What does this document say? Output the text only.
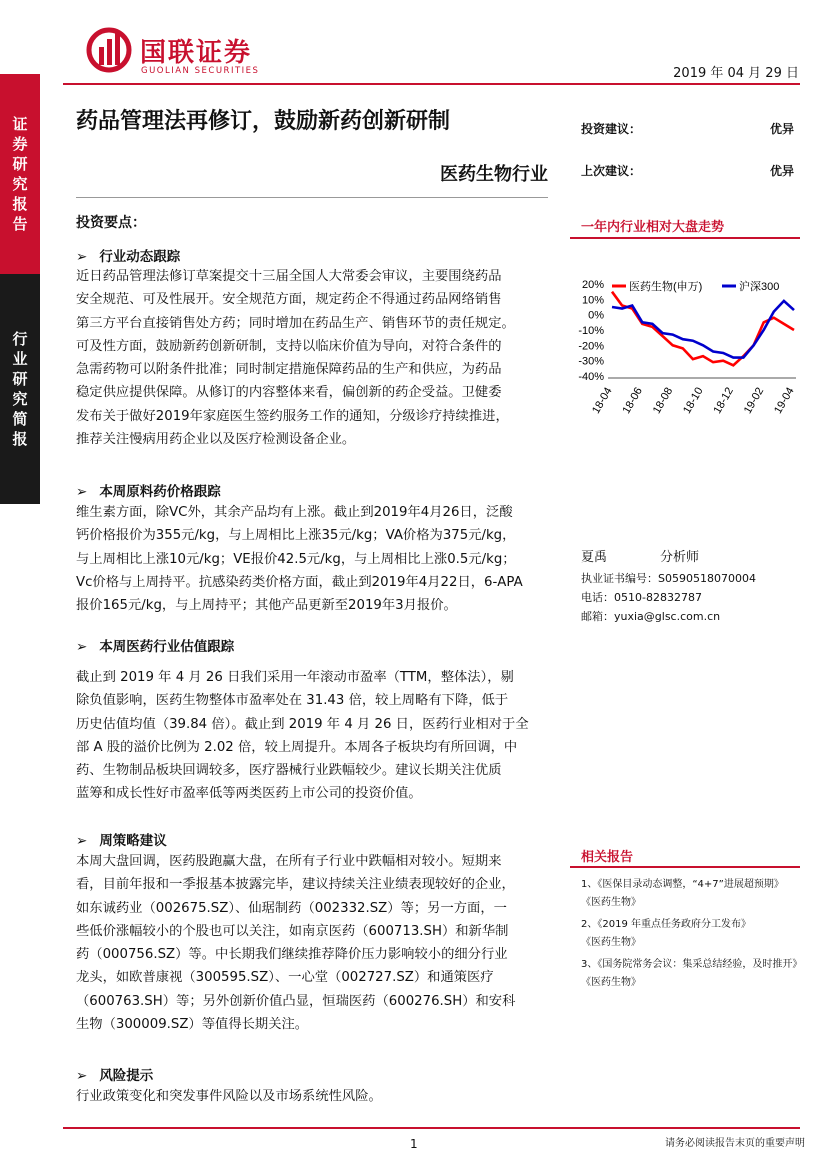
证
券
研
究
报
告
行
业
研
究
简
报
国联证券
GUOLIAN SECURITIES	2019 年 04 月 29 日
药品管理法再修订，鼓励新药创新研制
医药生物行业
投资建议：	优异
上次建议：	优异
一年内行业相对大盘走势
20%
10%
0%
-10%
-20%
-30%
-40%
医药生物(申万)	沪深300
18-04 18-06 18-08 18-10 18-12 19-02 19-04
投资要点：
➢ 行业动态跟踪
近日药品管理法修订草案提交十三届全国人大常委会审议，主要围绕药品
安全规范、可及性展开。安全规范方面，规定药企不得通过药品网络销售
第三方平台直接销售处方药；同时增加在药品生产、销售环节的责任规定。
可及性方面，鼓励新药创新研制，支持以临床价值为导向，对符合条件的
急需药物可以附条件批准；同时制定措施保障药品的生产和供应，为药品
稳定供应提供保障。从修订的内容整体来看，偏创新的药企受益。卫健委
发布关于做好2019年家庭医生签约服务工作的通知，分级诊疗持续推进，
推荐关注慢病用药企业以及医疗检测设备企业。
➢ 本周原料药价格跟踪
维生素方面，除VC外，其余产品均有上涨。截止到2019年4月26日，泛酸
钙价格报价为355元/kg，与上周相比上涨35元/kg；VA价格为375元/kg，
与上周相比上涨10元/kg；VE报价42.5元/kg，与上周相比上涨0.5元/kg；
Vc价格与上周持平。抗感染药类价格方面，截止到2019年4月22日，6-APA
报价165元/kg，与上周持平；其他产品更新至2019年3月报价。
➢ 本周医药行业估值跟踪
截止到 2019 年 4 月 26 日我们采用一年滚动市盈率（TTM，整体法），剔
除负值影响，医药生物整体市盈率处在 31.43 倍，较上周略有下降，低于
历史估值均值（39.84 倍）。截止到 2019 年 4 月 26 日，医药行业相对于全
部 A 股的溢价比例为 2.02 倍，较上周提升。本周各子板块均有所回调，中
药、生物制品板块回调较多，医疗器械行业跌幅较少。建议长期关注优质
蓝筹和成长性好市盈率低等两类医药上市公司的投资价值。
➢ 周策略建议
本周大盘回调，医药股跑赢大盘，在所有子行业中跌幅相对较小。短期来
看，目前年报和一季报基本披露完毕，建议持续关注业绩表现较好的企业，
如东诚药业（002675.SZ）、仙琚制药（002332.SZ）等；另一方面，一
些低价涨幅较小的个股也可以关注，如南京医药（600713.SH）和新华制
药（000756.SZ）等。中长期我们继续推荐降价压力影响较小的细分行业
龙头，如欧普康视（300595.SZ）、一心堂（002727.SZ）和通策医疗
（600763.SH）等；另外创新价值凸显，恒瑞医药（600276.SH）和安科
生物（300009.SZ）等值得长期关注。
➢ 风险提示
行业政策变化和突发事件风险以及市场系统性风险。
夏禹	分析师
执业证书编号：S0590518070004
电话：0510-82832787
邮箱：yuxia@glsc.com.cn
相关报告
1、《医保目录动态调整，“4+7”进展超预期》
《医药生物》
2、《2019 年重点任务政府分工发布》
《医药生物》
3、《国务院常务会议：集采总结经验，及时推开》
《医药生物》
1	请务必阅读报告末页的重要声明
